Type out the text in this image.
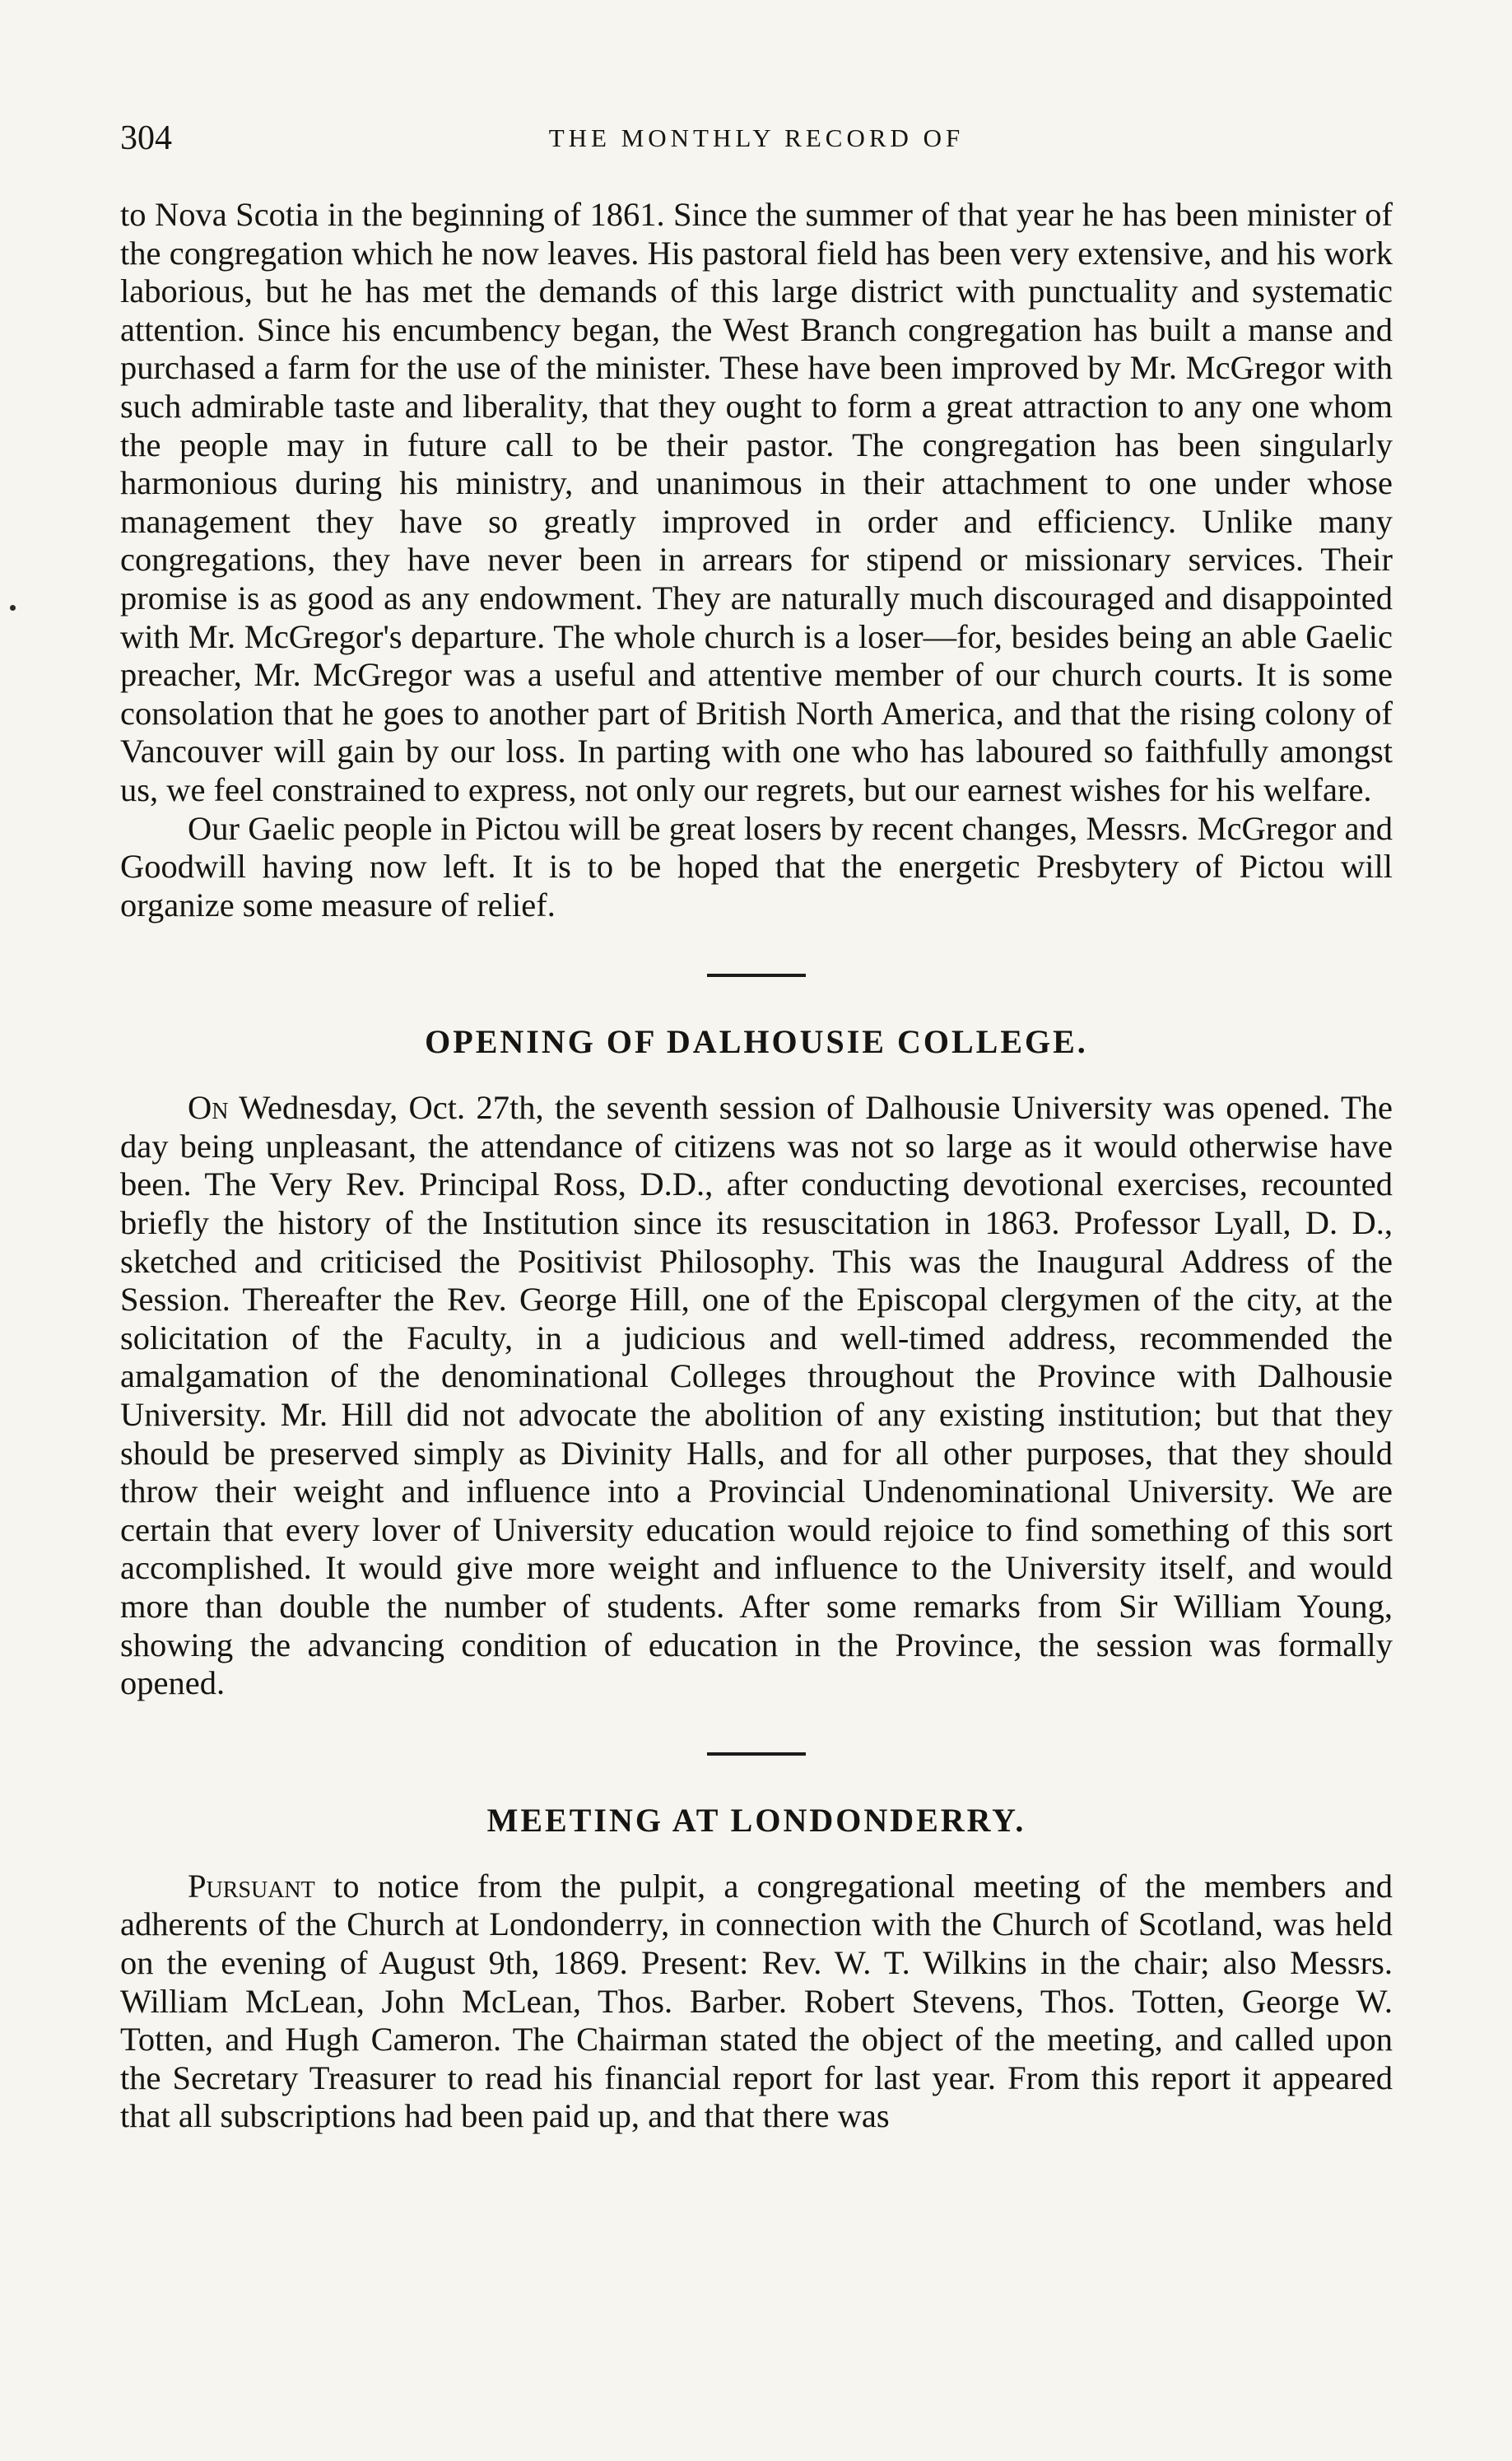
304	THE MONTHLY RECORD OF

to Nova Scotia in the beginning of 1861. Since the summer of that year he has been minister of the congregation which he now leaves. His pastoral field has been very extensive, and his work laborious, but he has met the demands of this large district with punctuality and systematic attention. Since his encumbency began, the West Branch congregation has built a manse and purchased a farm for the use of the minister. These have been improved by Mr. McGregor with such admirable taste and liberality, that they ought to form a great attraction to any one whom the people may in future call to be their pastor. The congregation has been singularly harmonious during his ministry, and unanimous in their attachment to one under whose management they have so greatly improved in order and efficiency. Unlike many congregations, they have never been in arrears for stipend or missionary services. Their promise is as good as any endowment. They are naturally much discouraged and disappointed with Mr. McGregor's departure. The whole church is a loser—for, besides being an able Gaelic preacher, Mr. McGregor was a useful and attentive member of our church courts. It is some consolation that he goes to another part of British North America, and that the rising colony of Vancouver will gain by our loss. In parting with one who has laboured so faithfully amongst us, we feel constrained to express, not only our regrets, but our earnest wishes for his welfare.

Our Gaelic people in Pictou will be great losers by recent changes, Messrs. McGregor and Goodwill having now left. It is to be hoped that the energetic Presbytery of Pictou will organize some measure of relief.

OPENING OF DALHOUSIE COLLEGE.

On Wednesday, Oct. 27th, the seventh session of Dalhousie University was opened. The day being unpleasant, the attendance of citizens was not so large as it would otherwise have been. The Very Rev. Principal Ross, D.D., after conducting devotional exercises, recounted briefly the history of the Institution since its resuscitation in 1863. Professor Lyall, D. D., sketched and criticised the Positivist Philosophy. This was the Inaugural Address of the Session. Thereafter the Rev. George Hill, one of the Episcopal clergymen of the city, at the solicitation of the Faculty, in a judicious and well-timed address, recommended the amalgamation of the denominational Colleges throughout the Province with Dalhousie University. Mr. Hill did not advocate the abolition of any existing institution; but that they should be preserved simply as Divinity Halls, and for all other purposes, that they should throw their weight and influence into a Provincial Undenominational University. We are certain that every lover of University education would rejoice to find something of this sort accomplished. It would give more weight and influence to the University itself, and would more than double the number of students. After some remarks from Sir William Young, showing the advancing condition of education in the Province, the session was formally opened.

MEETING AT LONDONDERRY.

Pursuant to notice from the pulpit, a congregational meeting of the members and adherents of the Church at Londonderry, in connection with the Church of Scotland, was held on the evening of August 9th, 1869. Present: Rev. W. T. Wilkins in the chair; also Messrs. William McLean, John McLean, Thos. Barber. Robert Stevens, Thos. Totten, George W. Totten, and Hugh Cameron. The Chairman stated the object of the meeting, and called upon the Secretary Treasurer to read his financial report for last year. From this report it appeared that all subscriptions had been paid up, and that there was
